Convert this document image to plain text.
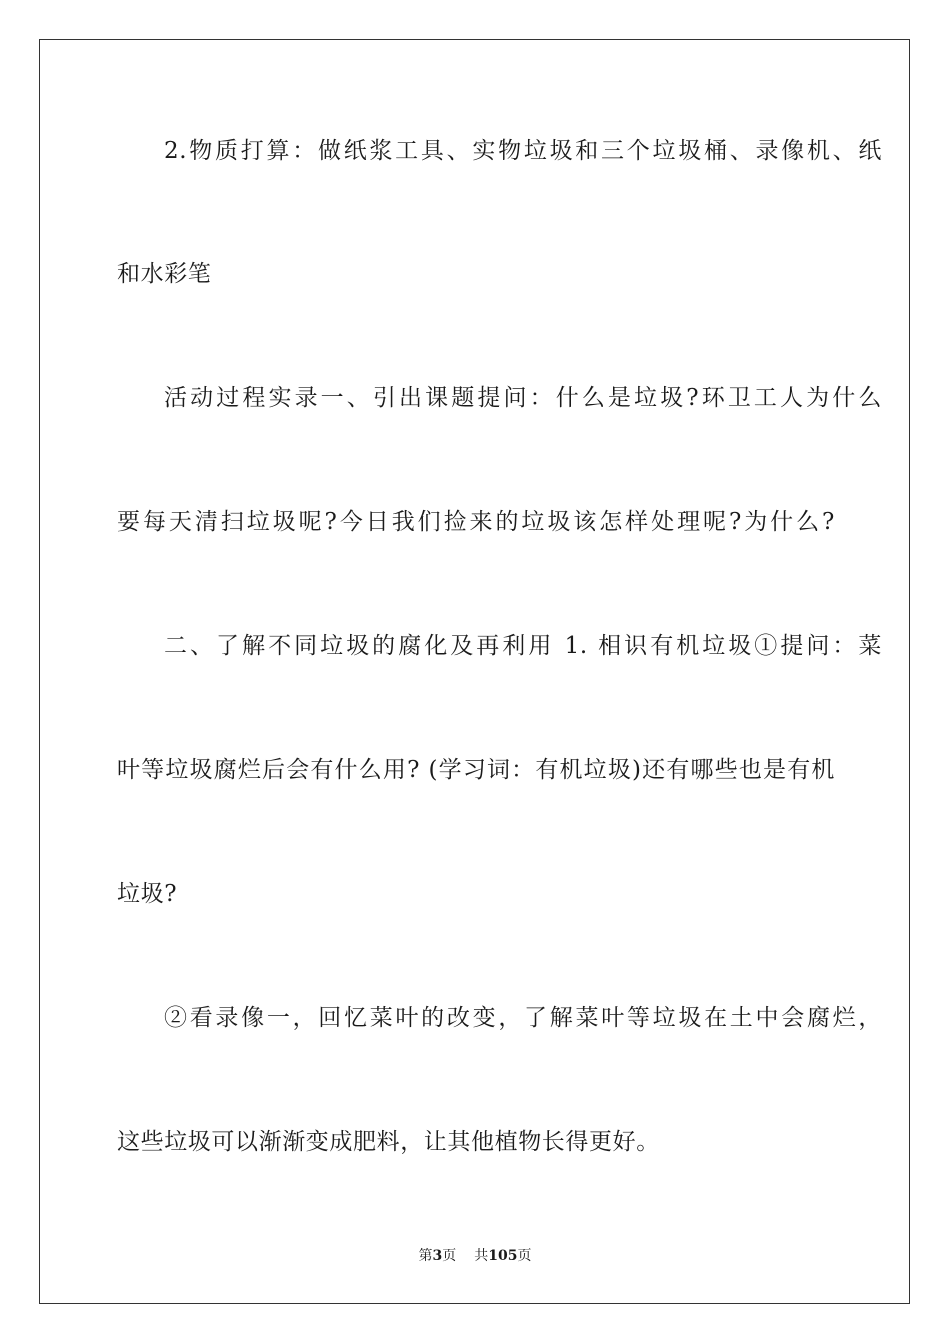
2.物质打算：做纸浆工具、实物垃圾和三个垃圾桶、录像机、纸
和水彩笔
活动过程实录一、引出课题提问：什么是垃圾?环卫工人为什么
要每天清扫垃圾呢?今日我们捡来的垃圾该怎样处理呢?为什么?
二、了解不同垃圾的腐化及再利用 1. 相识有机垃圾①提问：菜
叶等垃圾腐烂后会有什么用? (学习词：有机垃圾)还有哪些也是有机
垃圾?
②看录像一，回忆菜叶的改变，了解菜叶等垃圾在土中会腐烂，
这些垃圾可以渐渐变成肥料，让其他植物长得更好。
第3页 共105页
